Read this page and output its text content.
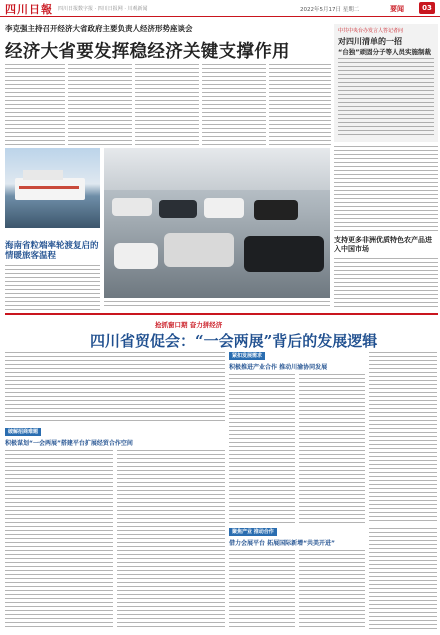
四川日報 四川日报数字报 · 四川日报网 · 川观新闻	2022年5月17日 星期二	要闻	03
李克强主持召开经济大省政府主要负责人经济形势座谈会
经济大省要发挥稳经济关键支撑作用
中共中央台办发言人答记者问
对四川清单的一招
“台独”顽固分子等人员实施制裁
海南省粒端率轮渡复启的情暖旅客温程
支持更多非洲优质特色农产品进入中国市场
抢抓窗口期 奋力拼经济
四川省贸促会：“一会两展”背后的发展逻辑
破解招商难题
积极谋划“一会两展”搭建平台扩展经贸合作空间
紧扣发展需求
积极推进产业合作 推动川渝协同发展
聚焦产业 推动合作
借力会展平台 拓展国际新增“共美开进”
